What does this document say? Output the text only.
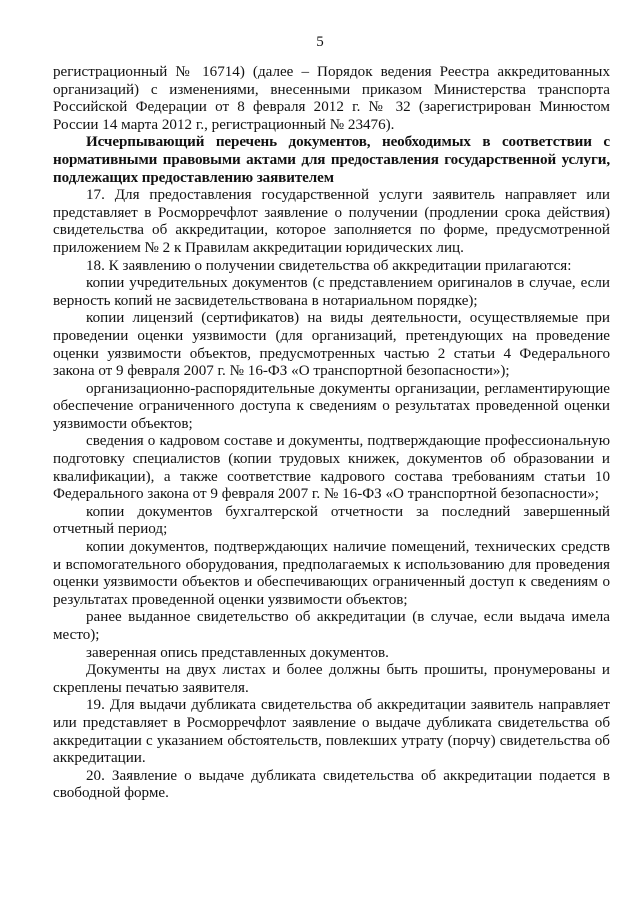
5

регистрационный № 16714) (далее – Порядок ведения Реестра аккредитованных организаций) с изменениями, внесенными приказом Министерства транспорта Российской Федерации от 8 февраля 2012 г. № 32 (зарегистрирован Минюстом России 14 марта 2012 г., регистрационный № 23476).

Исчерпывающий перечень документов, необходимых в соответствии с нормативными правовыми актами для предоставления государственной услуги, подлежащих предоставлению заявителем

17. Для предоставления государственной услуги заявитель направляет или представляет в Росморречфлот заявление о получении (продлении срока действия) свидетельства об аккредитации, которое заполняется по форме, предусмотренной приложением № 2 к Правилам аккредитации юридических лиц.

18. К заявлению о получении свидетельства об аккредитации прилагаются:

копии учредительных документов (с представлением оригиналов в случае, если верность копий не засвидетельствована в нотариальном порядке);

копии лицензий (сертификатов) на виды деятельности, осуществляемые при проведении оценки уязвимости (для организаций, претендующих на проведение оценки уязвимости объектов, предусмотренных частью 2 статьи 4 Федерального закона от 9 февраля 2007 г. № 16-ФЗ «О транспортной безопасности»);

организационно-распорядительные документы организации, регламентирующие обеспечение ограниченного доступа к сведениям о результатах проведенной оценки уязвимости объектов;

сведения о кадровом составе и документы, подтверждающие профессиональную подготовку специалистов (копии трудовых книжек, документов об образовании и квалификации), а также соответствие кадрового состава требованиям статьи 10 Федерального закона от 9 февраля 2007 г. № 16-ФЗ «О транспортной безопасности»;

копии документов бухгалтерской отчетности за последний завершенный отчетный период;

копии документов, подтверждающих наличие помещений, технических средств и вспомогательного оборудования, предполагаемых к использованию для проведения оценки уязвимости объектов и обеспечивающих ограниченный доступ к сведениям о результатах проведенной оценки уязвимости объектов;

ранее выданное свидетельство об аккредитации (в случае, если выдача имела место);

заверенная опись представленных документов.

Документы на двух листах и более должны быть прошиты, пронумерованы и скреплены печатью заявителя.

19. Для выдачи дубликата свидетельства об аккредитации заявитель направляет или представляет в Росморречфлот заявление о выдаче дубликата свидетельства об аккредитации с указанием обстоятельств, повлекших утрату (порчу) свидетельства об аккредитации.

20. Заявление о выдаче дубликата свидетельства об аккредитации подается в свободной форме.
